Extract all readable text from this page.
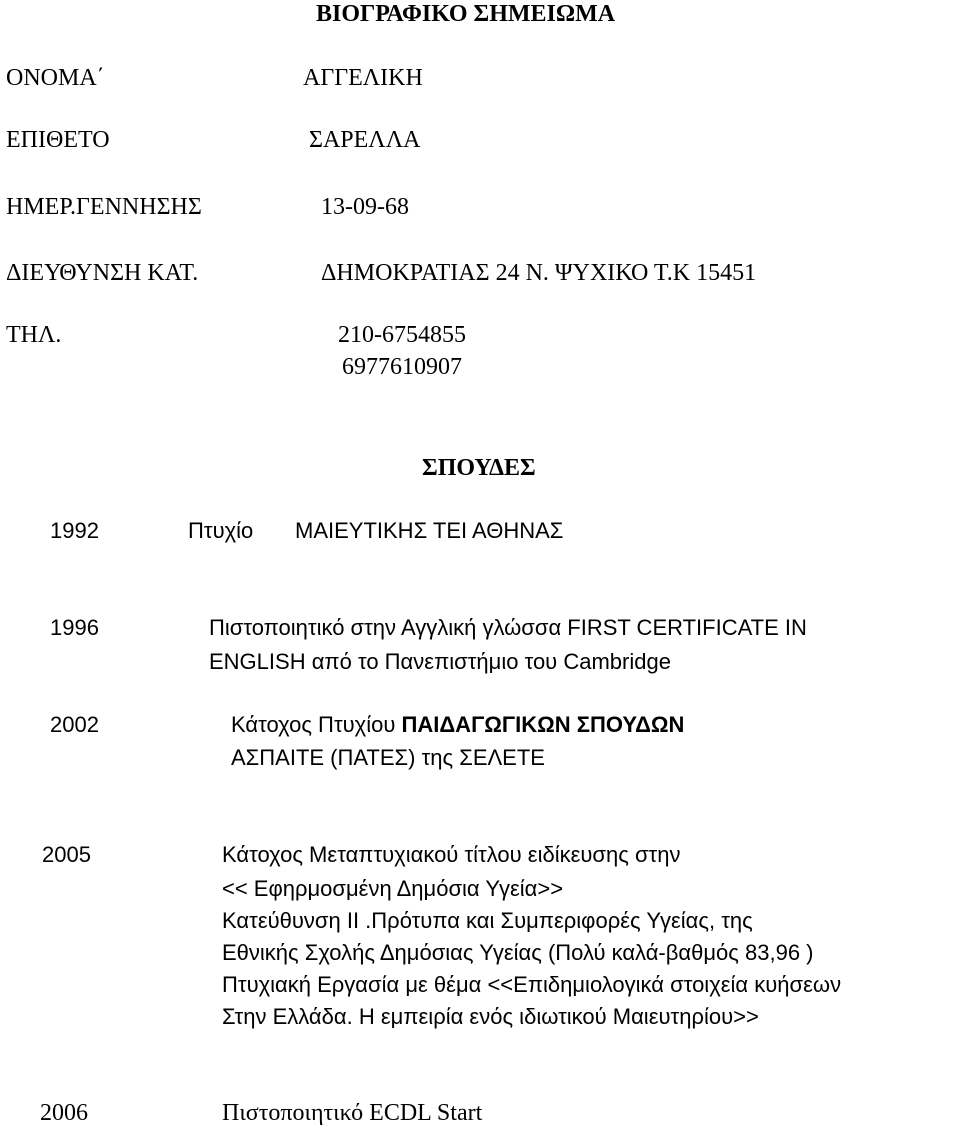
ΒΙΟΓΡΑΦΙΚΟ ΣΗΜΕΙΩΜΑ
ΟΝΟΜΑ΄	ΑΓΓΕΛΙΚΗ
ΕΠΙΘΕΤΟ	ΣΑΡΕΛΛΑ
ΗΜΕΡ.ΓΕΝΝΗΣΗΣ	13-09-68
ΔΙΕΥΘΥΝΣΗ ΚΑΤ.	ΔΗΜΟΚΡΑΤΙΑΣ 24 Ν. ΨΥΧΙΚΟ Τ.Κ 15451
ΤΗΛ.	210-6754855
6977610907
ΣΠΟΥΔΕΣ
1992	Πτυχίο ΜΑΙΕΥΤΙΚΗΣ ΤΕΙ ΑΘΗΝΑΣ
1996	Πιστοποιητικό στην Αγγλική γλώσσα FIRST CERTIFICATE IN
ENGLISH από το Πανεπιστήμιο του Cambridge
2002	Κάτοχος Πτυχίου ΠΑΙΔΑΓΩΓΙΚΩΝ ΣΠΟΥΔΩΝ
ΑΣΠΑΙΤΕ (ΠΑΤΕΣ) της ΣΕΛΕΤΕ
2005	Κάτοχος Μεταπτυχιακού τίτλου ειδίκευσης στην
<< Εφηρμοσμένη Δημόσια Υγεία>>
Κατεύθυνση ΙΙ .Πρότυπα και Συμπεριφορές Υγείας, της
Εθνικής Σχολής Δημόσιας Υγείας (Πολύ καλά-βαθμός 83,96 )
Πτυχιακή Εργασία με θέμα <<Επιδημιολογικά στοιχεία κυήσεων
Στην Ελλάδα. Η εμπειρία ενός ιδιωτικού Μαιευτηρίου>>
2006	Πιστοποιητικό ECDL Start
